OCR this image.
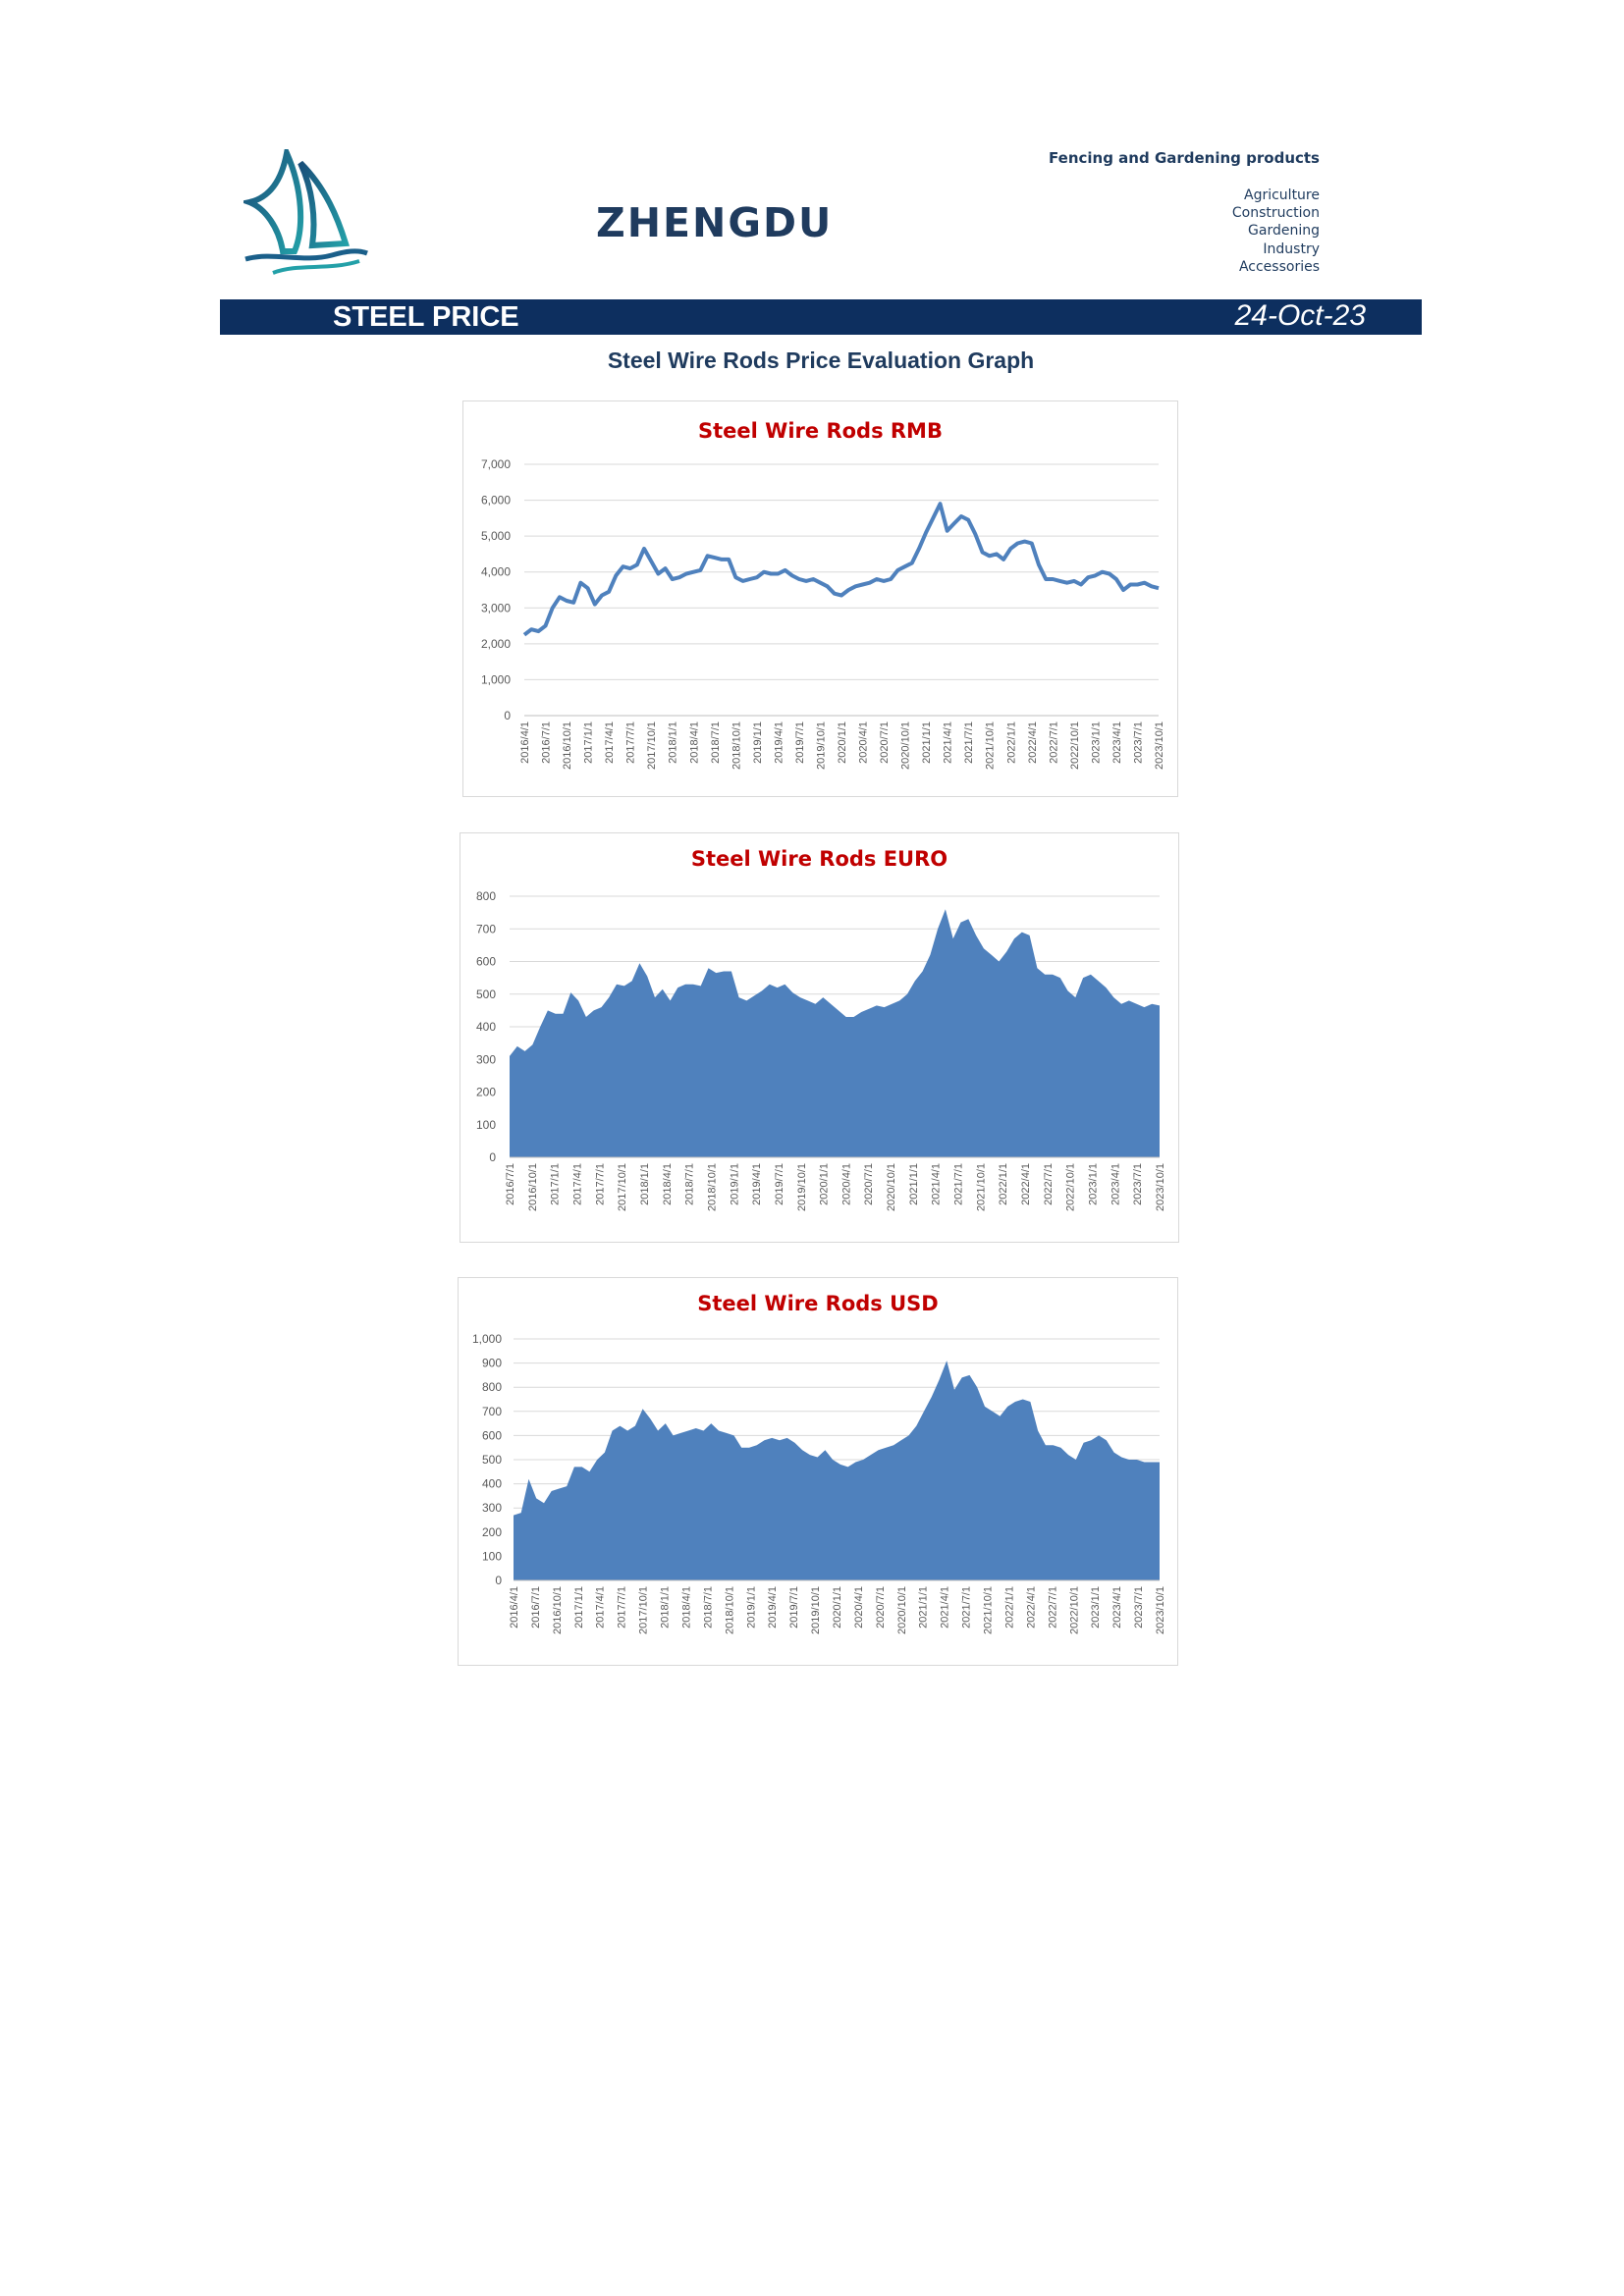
ZHENGDU
Fencing and Gardening products
Agriculture
Construction
Gardening
Industry
Accessories
STEEL PRICE	24-Oct-23
Steel Wire Rods Price Evaluation Graph
Steel Wire Rods RMB
0
1,000
2,000
3,000
4,000
5,000
6,000
7,000
2016/4/1 2016/7/1 2016/10/1 2017/1/1 2017/4/1 2017/7/1 2017/10/1 2018/1/1 2018/4/1 2018/7/1 2018/10/1 2019/1/1 2019/4/1 2019/7/1 2019/10/1 2020/1/1 2020/4/1 2020/7/1 2020/10/1 2021/1/1 2021/4/1 2021/7/1 2021/10/1 2022/1/1 2022/4/1 2022/7/1 2022/10/1 2023/1/1 2023/4/1 2023/7/1 2023/10/1
Steel Wire Rods EURO
0
100
200
300
400
500
600
700
800
2016/7/1 2016/10/1 2017/1/1 2017/4/1 2017/7/1 2017/10/1 2018/1/1 2018/4/1 2018/7/1 2018/10/1 2019/1/1 2019/4/1 2019/7/1 2019/10/1 2020/1/1 2020/4/1 2020/7/1 2020/10/1 2021/1/1 2021/4/1 2021/7/1 2021/10/1 2022/1/1 2022/4/1 2022/7/1 2022/10/1 2023/1/1 2023/4/1 2023/7/1 2023/10/1
Steel Wire Rods USD
0
100
200
300
400
500
600
700
800
900
1,000
2016/4/1 2016/7/1 2016/10/1 2017/1/1 2017/4/1 2017/7/1 2017/10/1 2018/1/1 2018/4/1 2018/7/1 2018/10/1 2019/1/1 2019/4/1 2019/7/1 2019/10/1 2020/1/1 2020/4/1 2020/7/1 2020/10/1 2021/1/1 2021/4/1 2021/7/1 2021/10/1 2022/1/1 2022/4/1 2022/7/1 2022/10/1 2023/1/1 2023/4/1 2023/7/1 2023/10/1
